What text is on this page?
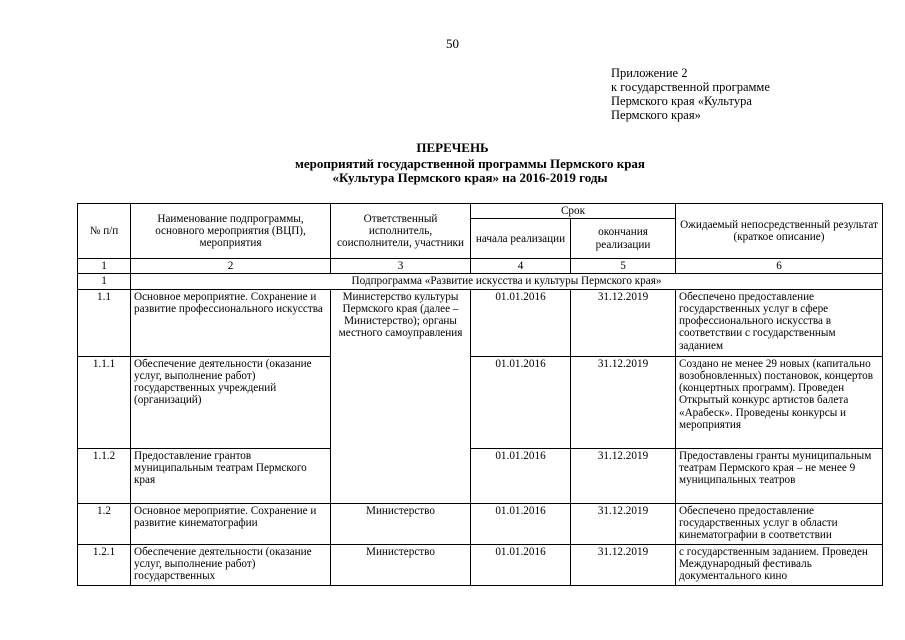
50
Приложение 2
к государственной программе
Пермского края «Культура
Пермского края»
ПЕРЕЧЕНЬ
мероприятий государственной программы Пермского края
«Культура Пермского края» на 2016-2019 годы
№ п/п	Наименование подпрограммы, основного мероприятия (ВЦП), мероприятия	Ответственный исполнитель, соисполнители, участники	Срок		Ожидаемый непосредственный результат (краткое описание)
			начала реализации	окончания реализации	
1	2	3	4	5	6
1	Подпрограмма «Развитие искусства и культуры Пермского края»				
1.1	Основное мероприятие. Сохранение и развитие профессионального искусства	Министерство культуры Пермского края (далее – Министерство); органы местного самоуправления	01.01.2016	31.12.2019	Обеспечено предоставление государственных услуг в сфере профессионального искусства в соответствии с государственным заданием
1.1.1	Обеспечение деятельности (оказание услуг, выполнение работ) государственных учреждений (организаций)		01.01.2016	31.12.2019	Создано не менее 29 новых (капитально возобновленных) постановок, концертов (концертных программ). Проведен Открытый конкурс артистов балета «Арабеск». Проведены конкурсы и мероприятия
1.1.2	Предоставление грантов муниципальным театрам Пермского края		01.01.2016	31.12.2019	Предоставлены гранты муниципальным театрам Пермского края – не менее 9 муниципальных театров
1.2	Основное мероприятие. Сохранение и развитие кинематографии	Министерство	01.01.2016	31.12.2019	Обеспечено предоставление государственных услуг в области кинематографии в соответствии
1.2.1	Обеспечение деятельности (оказание услуг, выполнение работ) государственных	Министерство	01.01.2016	31.12.2019	с государственным заданием. Проведен Международный фестиваль документального кино
